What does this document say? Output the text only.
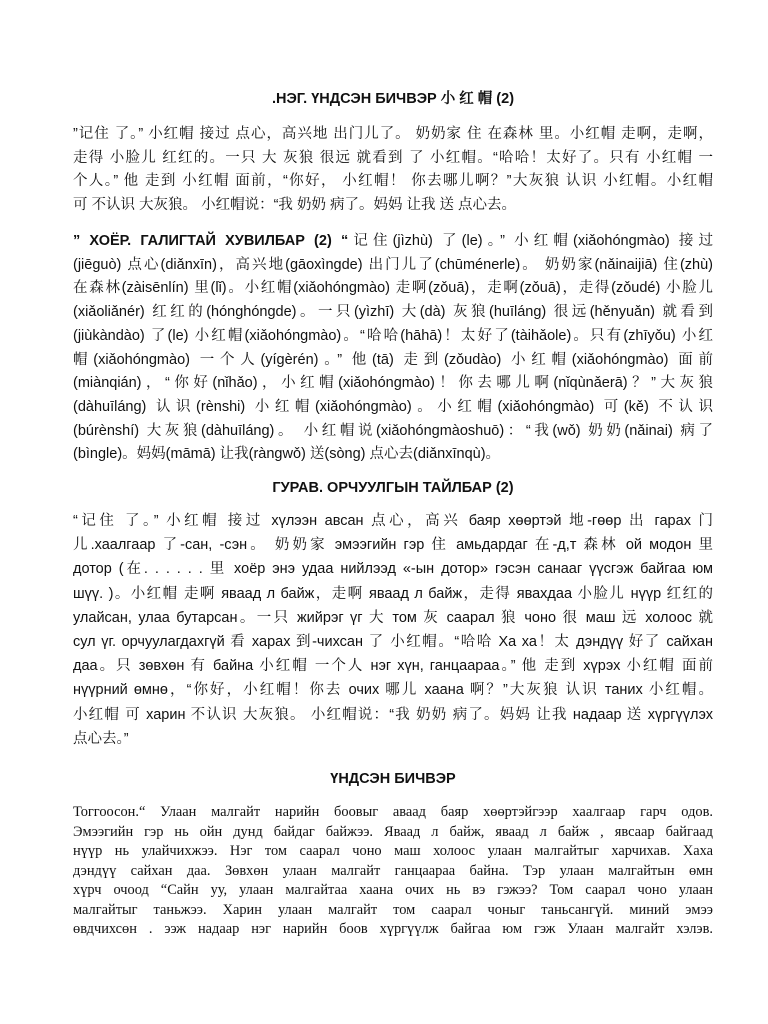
.НЭГ. ҮНДСЭН БИЧВЭР 小 红 帽 (2)

”记住 了。” 小红帽 接过 点心，高兴地 出门儿了。 奶奶家 住 在森林 里。小红帽 走啊，走啊，
走得 小脸儿 红红的。一只 大 灰狼 很远 就看到 了 小红帽。“哈哈！太好了。只有 小红帽 一
个人。” 他 走到 小红帽 面前，“你好， 小红帽！ 你去哪儿啊？”大灰狼 认识 小红帽。小红帽
可 不认识 大灰狼。 小红帽说：“我 奶奶 病了。妈妈 让我 送 点心去。

” ХОЁР. ГАЛИГТАЙ ХУВИЛБАР (2) “记住(jìzhù) 了(le)。” 小红帽(xiǎohóngmào) 接过
(jiēguò) 点心(diǎnxīn)，高兴地(gāoxìngde) 出门儿了(chūménerle)。 奶奶家(nǎinaijiā) 住(zhù)
在森林(zàisēnlín) 里(lǐ)。小红帽(xiǎohóngmào) 走啊(zǒuā)，走啊(zǒuā)，走得(zǒudé) 小脸儿
(xiǎoliǎnér) 红红的(hónghóngde)。一只(yìzhī) 大(dà) 灰狼(huīláng) 很远(hěnyuǎn) 就看到
(jiùkàndào) 了(le) 小红帽(xiǎohóngmào)。“哈哈(hāhā)！太好了(tàihǎole)。只有(zhīyǒu) 小红
帽(xiǎohóngmào) 一个人(yígèrén)。” 他(tā) 走到(zǒudào) 小红帽(xiǎohóngmào) 面前
(miànqián)，“你好(nǐhǎo)，小红帽(xiǎohóngmào)！你去哪儿啊(nǐqùnǎerā)？”大灰狼
(dàhuīláng) 认识(rènshi) 小红帽(xiǎohóngmào)。小红帽(xiǎohóngmào) 可(kě) 不认识
(búrènshí) 大灰狼(dàhuīláng)。 小红帽说(xiǎohóngmàoshuō)：“我(wǒ) 奶奶(nǎinai) 病了
(bìngle)。妈妈(māmā) 让我(ràngwǒ) 送(sòng) 点心去(diǎnxīnqù)。

ГУРАВ. ОРЧУУЛГЫН ТАЙЛБАР (2)

“记住 了。” 小红帽 接过 хүлээн авсан 点心，高兴 баяр хөөртэй 地-гөөр 出 гарах 门
儿.хаалгаар 了-сан, -сэн。 奶奶家 эмээгийн гэр 住 амьдардаг 在-д,т 森林 ой модон 里
дотор (在. . . . . . 里 хоёр энэ удаа нийлээд «-ын дотор» гэсэн санааг үүсгэж байгаа юм
шүү. )。小红帽 走啊 яваад л байж，走啊 яваад л байж，走得 явахдаа 小脸儿 нүүр 红红的
улайсан, улаа бутарсан。一只 жийрэг үг 大 том 灰 саарал 狼 чоно 很 маш 远 холоос 就
сул үг. орчуулагдахгүй 看 харах 到-чихсан 了 小红帽。“哈哈 Ха ха！太 дэндүү 好了 сайхан
даа。只 зөвхөн 有 байна 小红帽 一个人 нэг хүн, ганцаараа。” 他 走到 хүрэх 小红帽 面前
нүүрний өмнө，“你好，小红帽！你去 очих 哪儿 хаана 啊？”大灰狼 认识 таних 小红帽。
小红帽 可 харин 不认识 大灰狼。 小红帽说：“我 奶奶 病了。妈妈 让我 надаар 送 хүргүүлэх
点心去。”

ҮНДСЭН БИЧВЭР

Тоггоосон.“ Улаан малгайт нарийн боовыг аваад баяр хөөртэйгээр хаалгаар гарч одов.
Эмээгийн гэр нь ойн дунд байдаг байжээ. Яваад л байж, яваад л байж , явсаар байгаад
нүүр нь улайчихжээ. Нэг том саарал чоно маш холоос улаан малгайтыг харчихав. Хаха
дэндүү сайхан даа. Зөвхөн улаан малгайт ганцаараа байна. Тэр улаан малгайтын өмн
хүрч очоод “Сайн уу, улаан малгайтаа хаана очих нь вэ гэжээ? Том саарал чоно улаан
малгайтыг таньжээ. Харин улаан малгайт том саарал чоныг таньсангүй. миний эмээ
өвдчихсөн . ээж надаар нэг нарийн боов хүргүүлж байгаа юм гэж Улаан малгайт хэлэв.
